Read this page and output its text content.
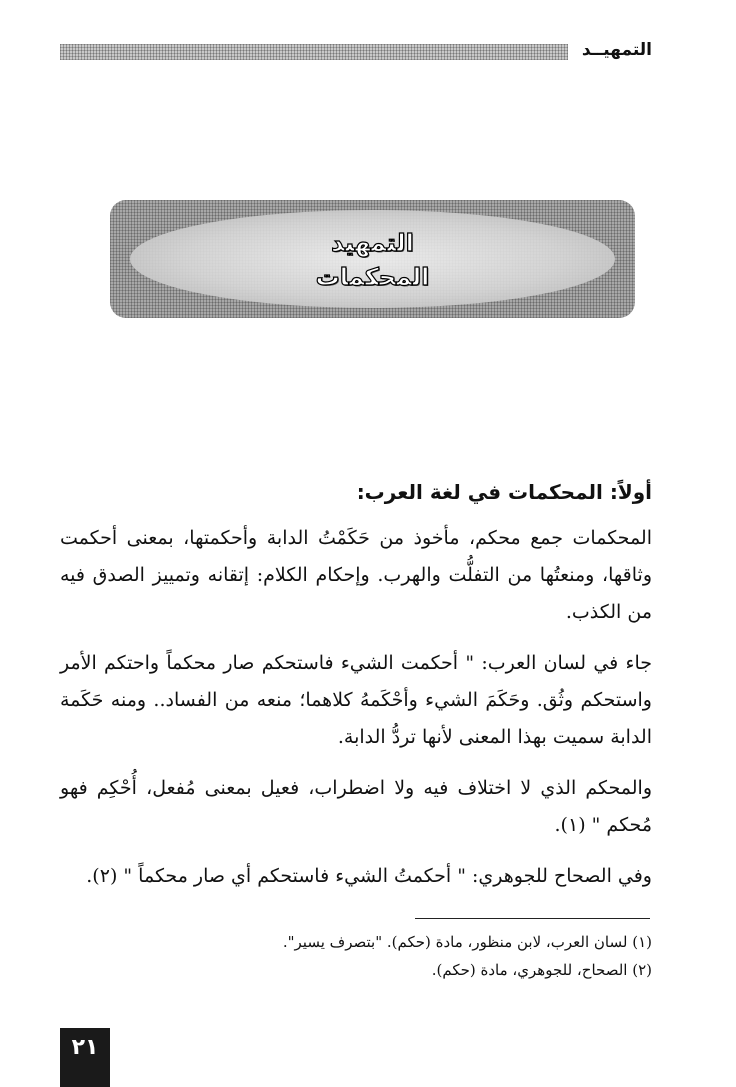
التمهيــد
التمهيد
المحكمات
أولاً: المحكمات في لغة العرب:

المحكمات جمع محكم، مأخوذ من حَكَمْتُ الدابة وأحكمتها، بمعنى أحكمت وثاقها، ومنعتُها من التفلُّت والهرب. وإحكام الكلام: إتقانه وتمييز الصدق فيه من الكذب.

جاء في لسان العرب: " أحكمت الشيء فاستحكم صار محكماً واحتكم الأمر واستحكم وثُق. وحَكَمَ الشيء وأحْكَمهُ كلاهما؛ منعه من الفساد.. ومنه حَكَمة الدابة سميت بهذا المعنى لأنها تردُّ الدابة.

والمحكم الذي لا اختلاف فيه ولا اضطراب، فعيل بمعنى مُفعل، أُحْكِم فهو مُحكم " (١).

وفي الصحاح للجوهري: " أحكمتُ الشيء فاستحكم أي صار محكماً " (٢).

(١) لسان العرب، لابن منظور، مادة (حكم). "بتصرف يسير".
(٢) الصحاح، للجوهري، مادة (حكم).
٢١
